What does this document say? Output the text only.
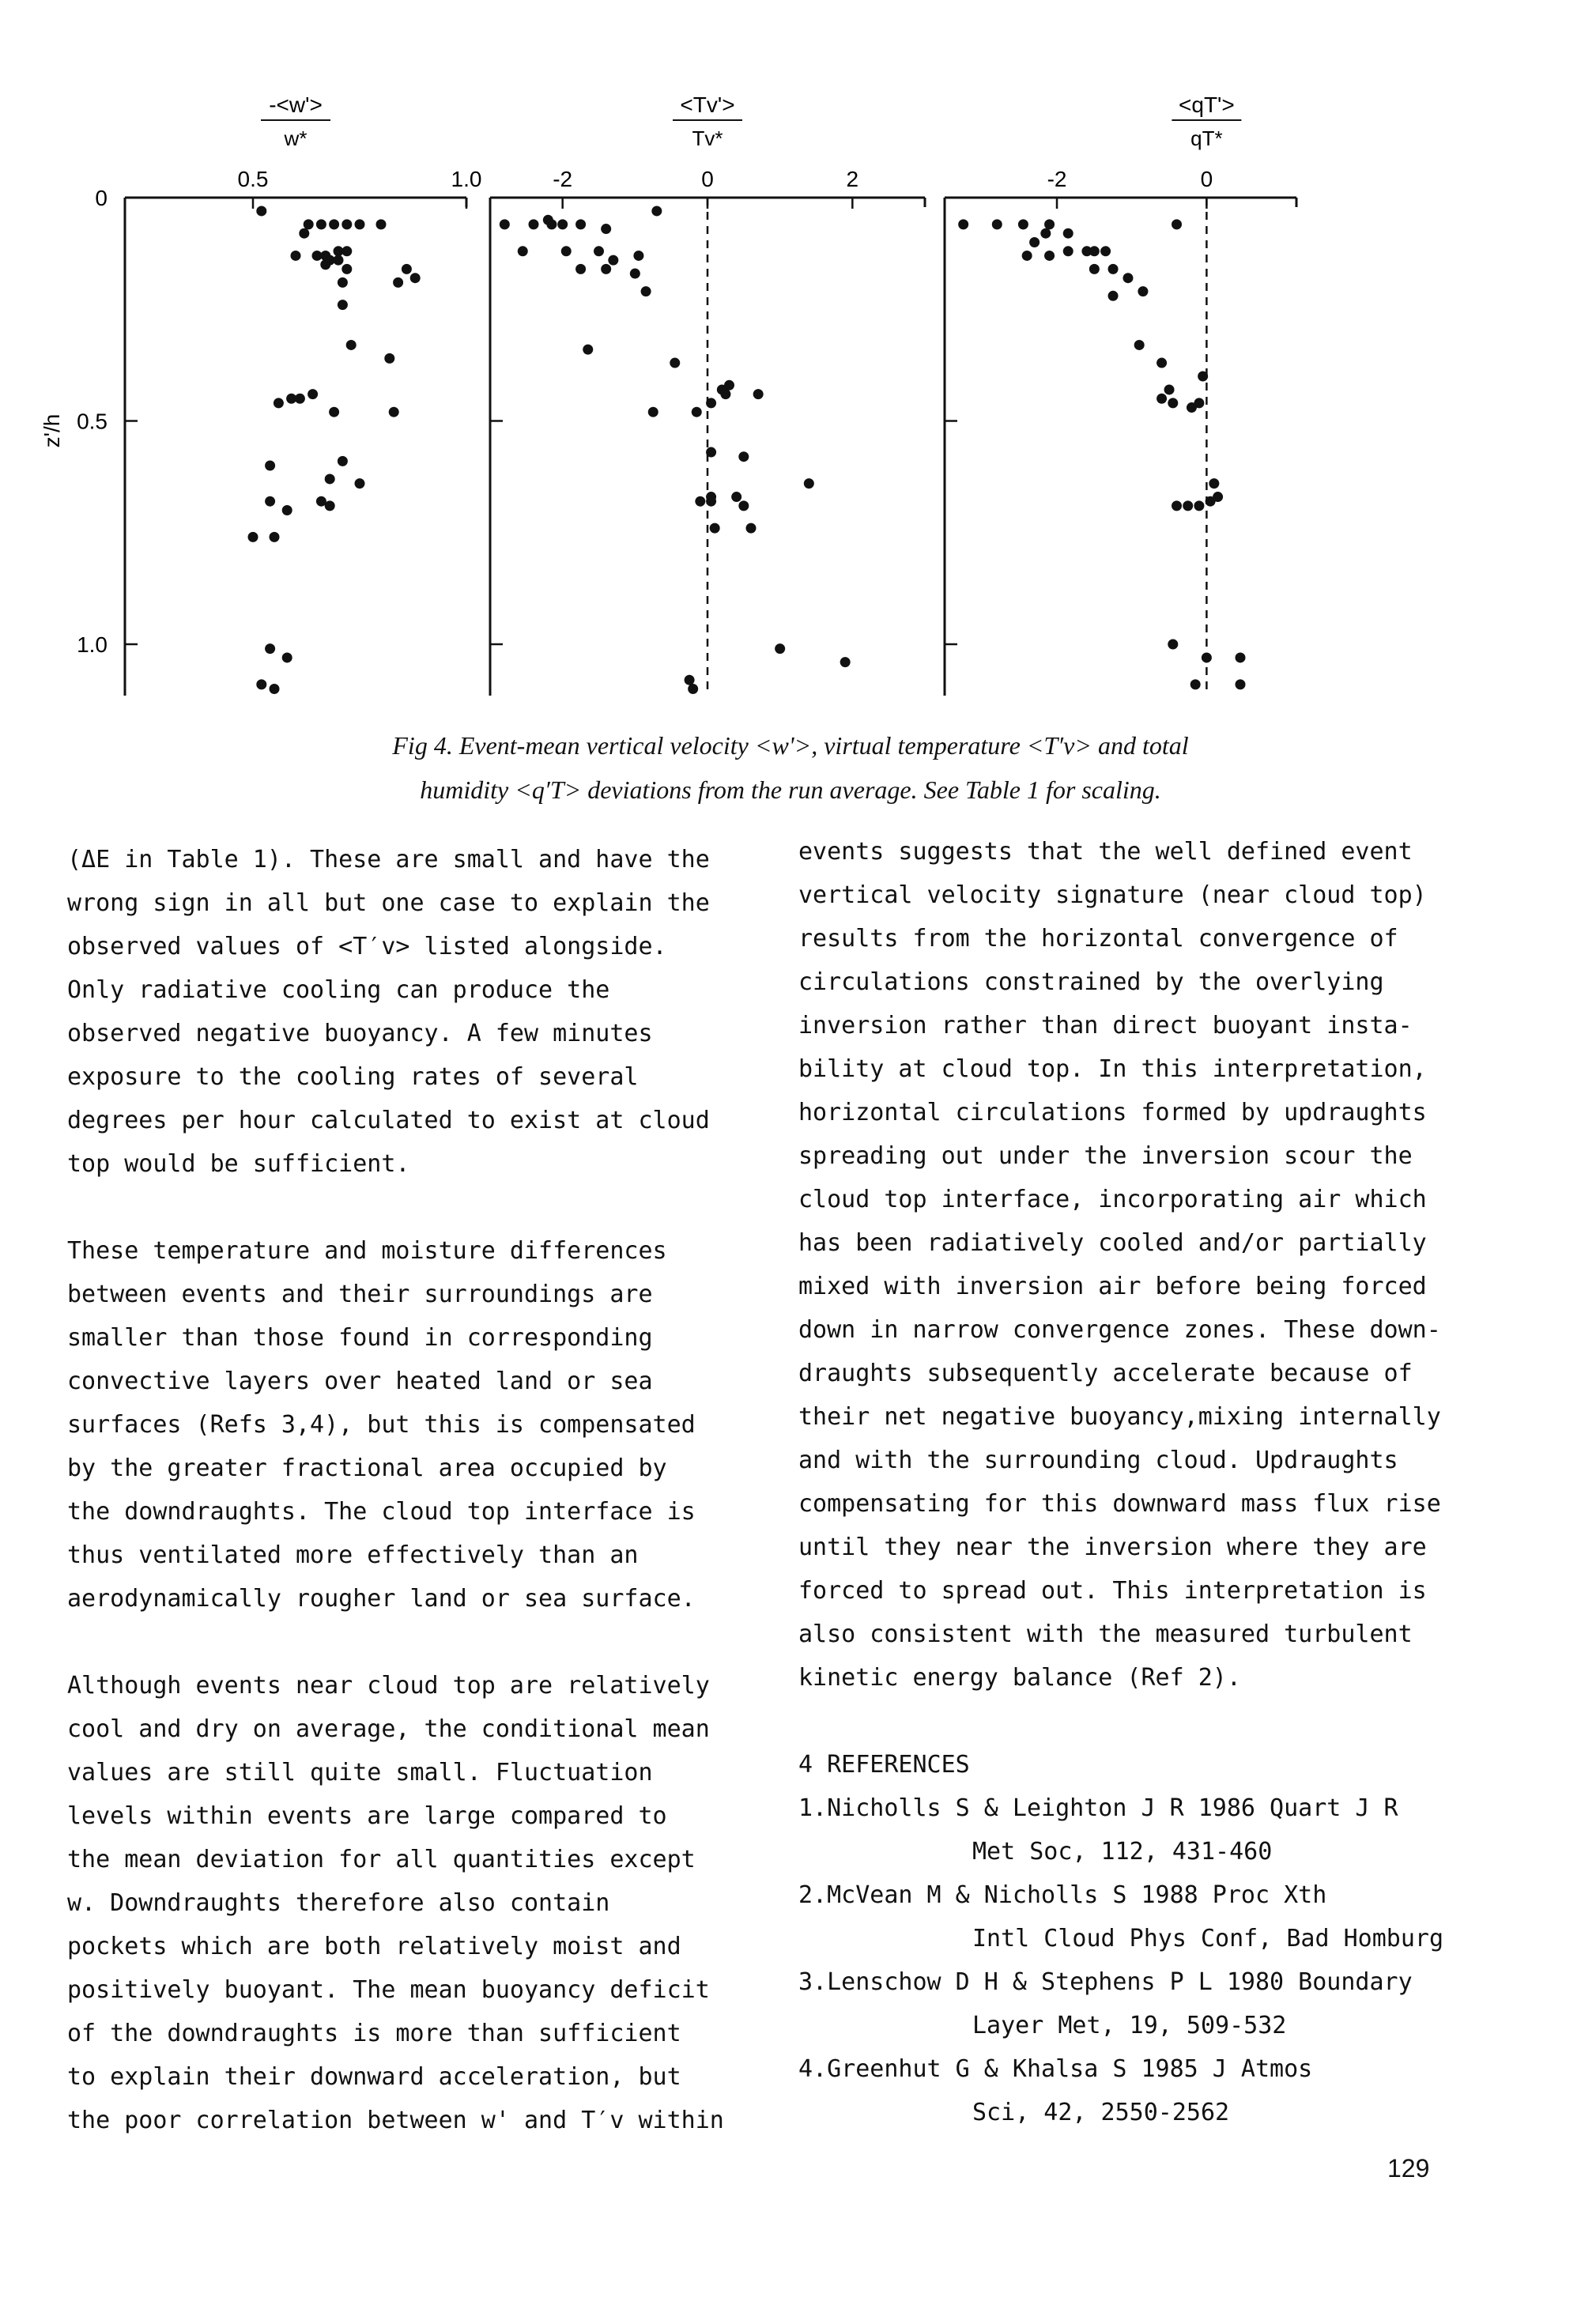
0.5	1.0
0
0.5
1.0
-<w'>
w*
-2	0	2
<Tv'>
Tv*
-2	0
<qT'>
qT*
z'/h
Fig 4. Event-mean vertical velocity <w'>, virtual temperature <T′v> and total
humidity <q′T> deviations from the run average. See Table 1 for scaling.

(ΔE in Table 1). These are small and have the
wrong sign in all but one case to explain the
observed values of <T′v> listed alongside.
Only radiative cooling can produce the
observed negative buoyancy. A few minutes
exposure to the cooling rates of several
degrees per hour calculated to exist at cloud
top would be sufficient.

These temperature and moisture differences
between events and their surroundings are
smaller than those found in corresponding
convective layers over heated land or sea
surfaces (Refs 3,4), but this is compensated
by the greater fractional area occupied by
the downdraughts. The cloud top interface is
thus ventilated more effectively than an
aerodynamically rougher land or sea surface.

Although events near cloud top are relatively
cool and dry on average, the conditional mean
values are still quite small. Fluctuation
levels within events are large compared to
the mean deviation for all quantities except
w. Downdraughts therefore also contain
pockets which are both relatively moist and
positively buoyant. The mean buoyancy deficit
of the downdraughts is more than sufficient
to explain their downward acceleration, but
the poor correlation between w' and T′v within

events suggests that the well defined event
vertical velocity signature (near cloud top)
results from the horizontal convergence of
circulations constrained by the overlying
inversion rather than direct buoyant insta-
bility at cloud top. In this interpretation,
horizontal circulations formed by updraughts
spreading out under the inversion scour the
cloud top interface, incorporating air which
has been radiatively cooled and/or partially
mixed with inversion air before being forced
down in narrow convergence zones. These down-
draughts subsequently accelerate because of
their net negative buoyancy,mixing internally
and with the surrounding cloud. Updraughts
compensating for this downward mass flux rise
until they near the inversion where they are
forced to spread out. This interpretation is
also consistent with the measured turbulent
kinetic energy balance (Ref 2).

4 REFERENCES
1.Nicholls S & Leighton J R 1986 Quart J R
Met Soc, 112, 431-460
2.McVean M & Nicholls S 1988 Proc Xth
Intl Cloud Phys Conf, Bad Homburg
3.Lenschow D H & Stephens P L 1980 Boundary
Layer Met, 19, 509-532
4.Greenhut G & Khalsa S 1985 J Atmos
Sci, 42, 2550-2562
129
